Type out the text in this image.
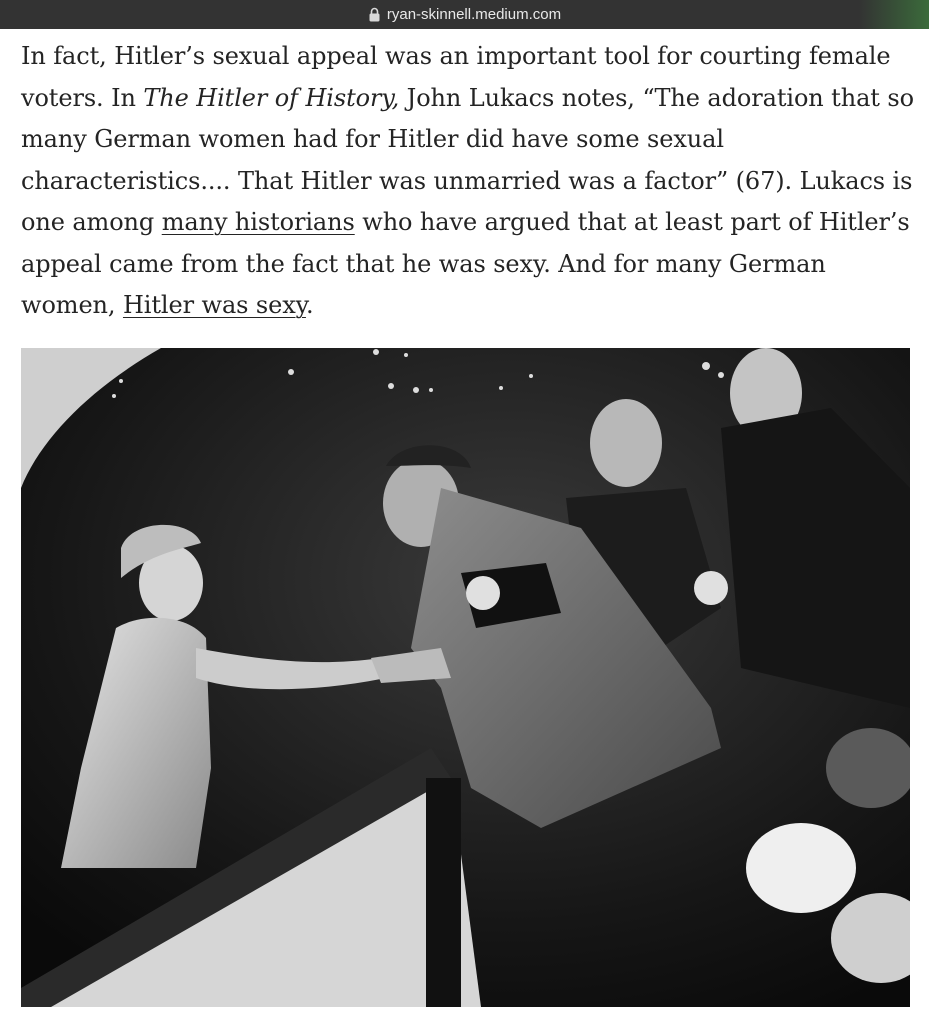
ryan-skinnell.medium.com

In fact, Hitler’s sexual appeal was an important tool for courting female voters. In The Hitler of History, John Lukacs notes, “The adoration that so many German women had for Hitler did have some sexual characteristics.... That Hitler was unmarried was a factor” (67). Lukacs is one among many historians who have argued that at least part of Hitler’s appeal came from the fact that he was sexy. And for many German women, Hitler was sexy.
